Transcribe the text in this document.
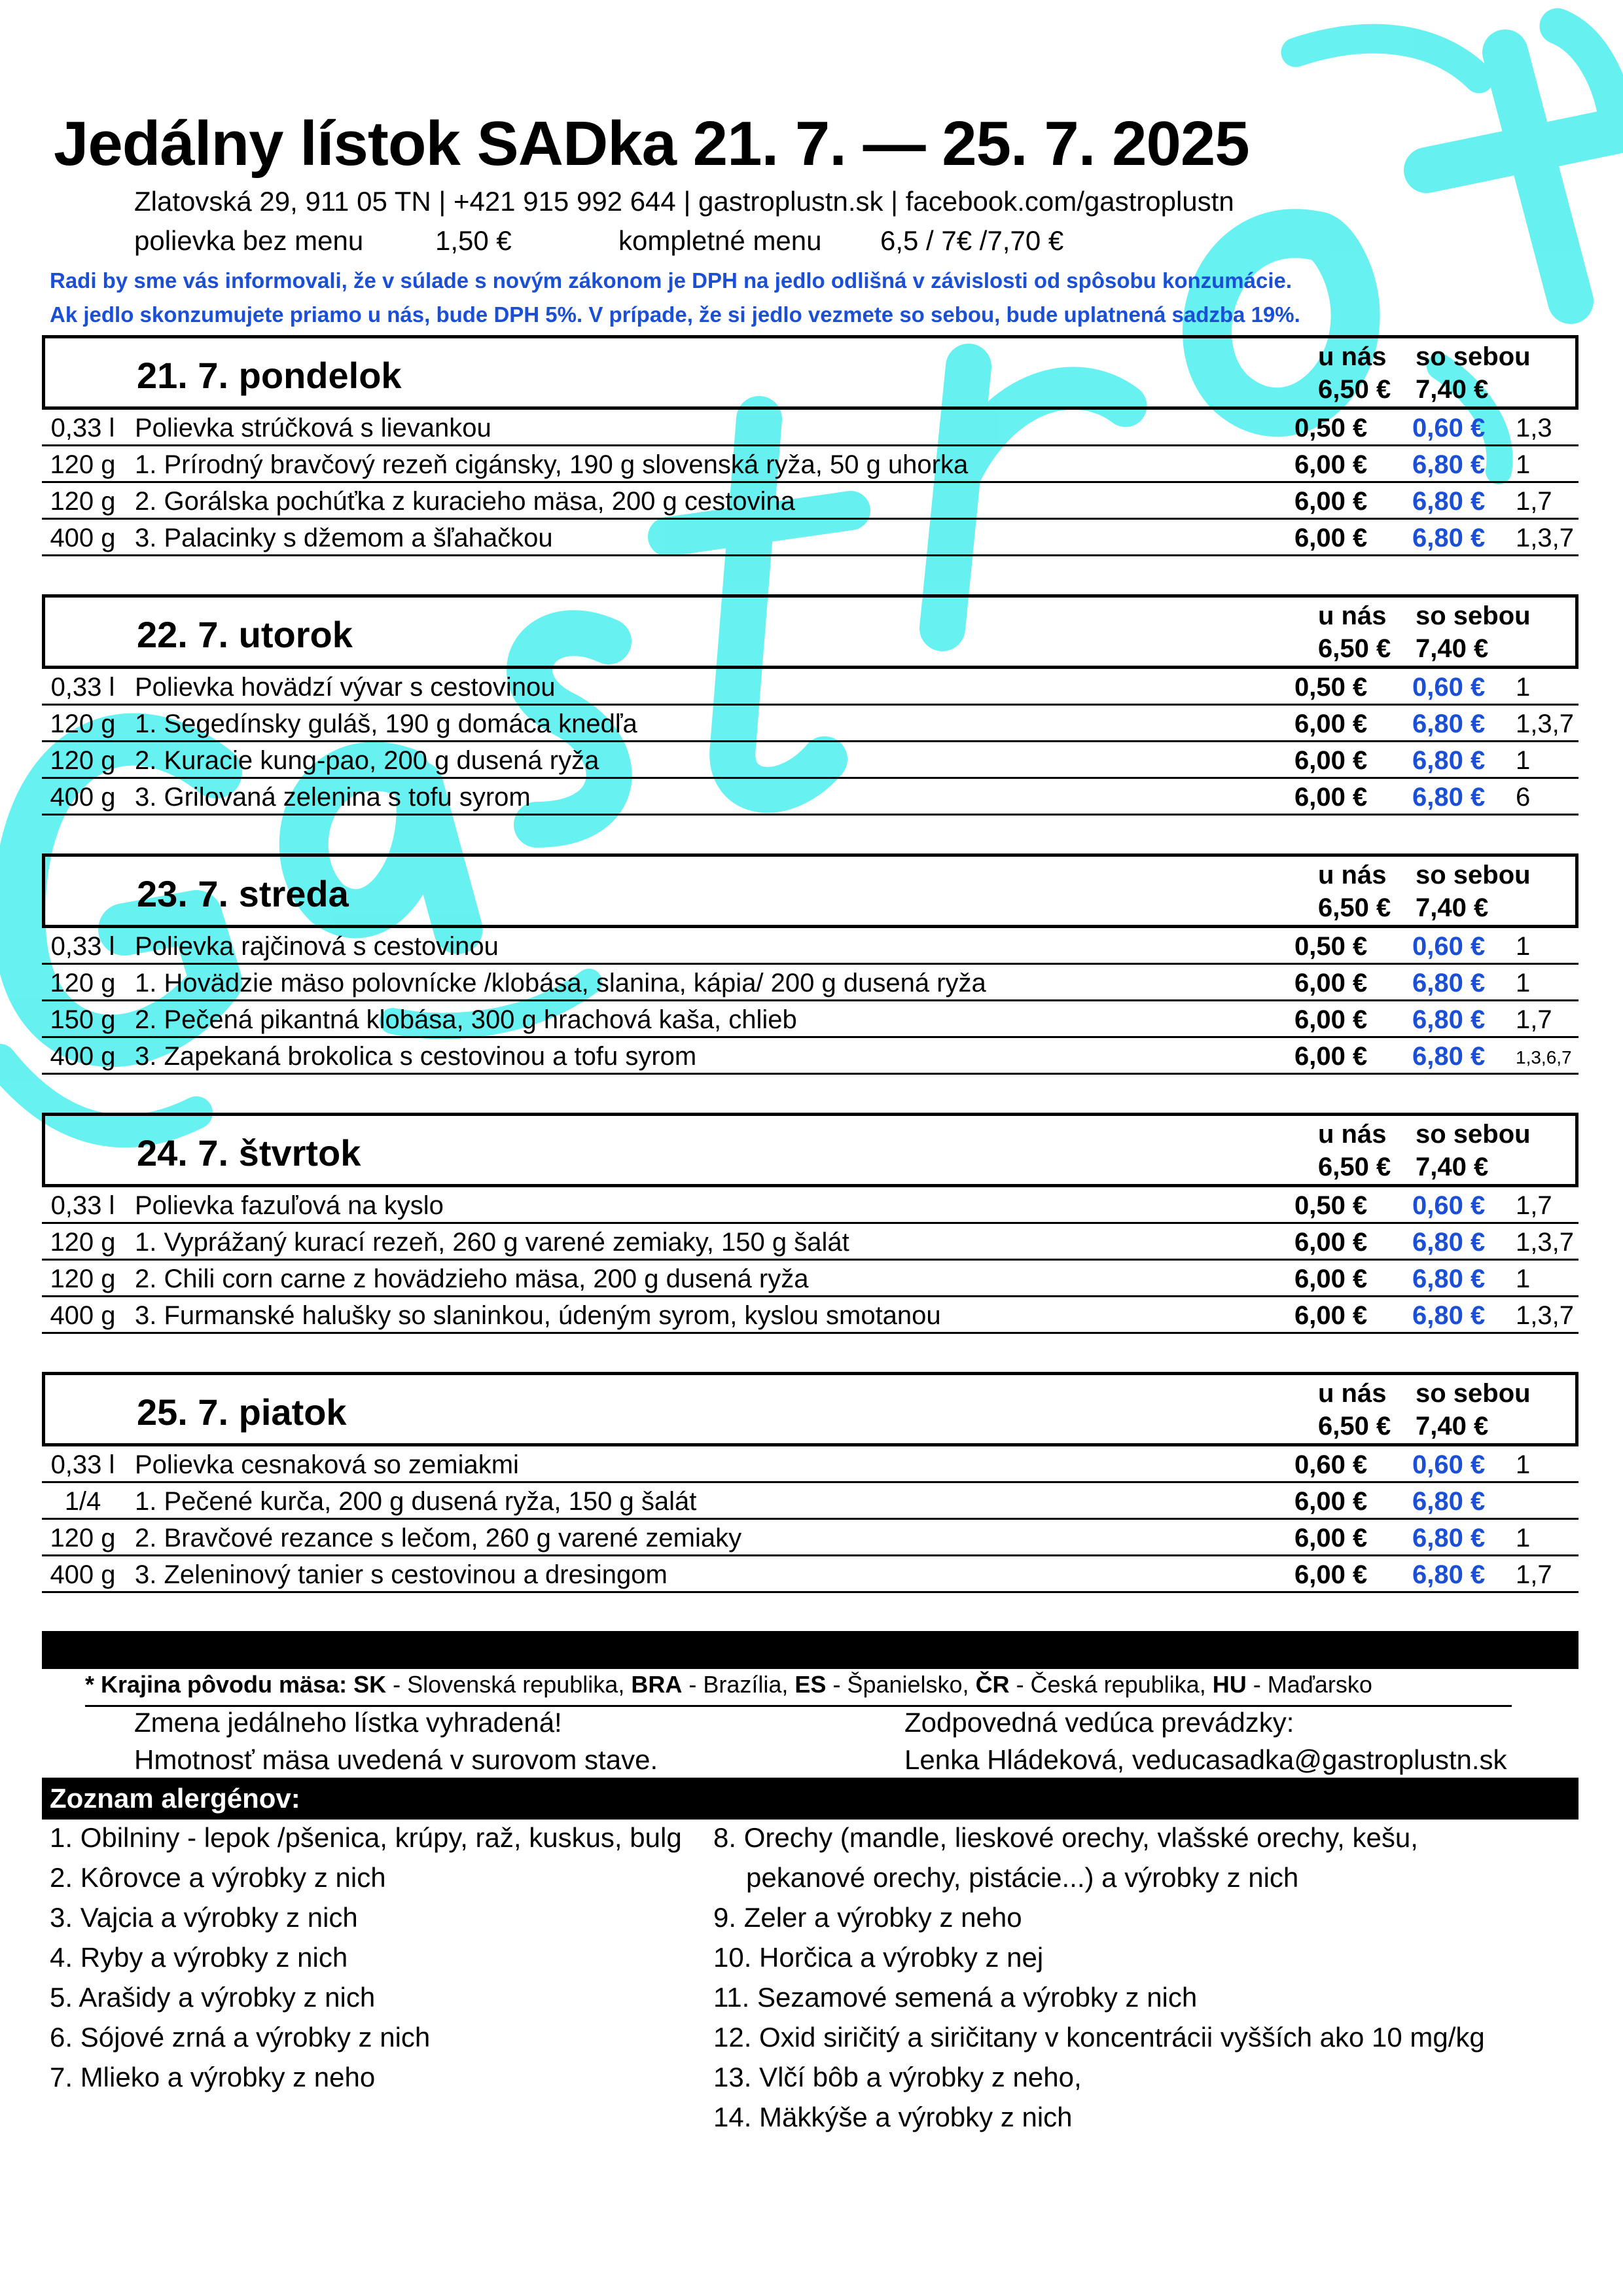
Jedálny lístok SADka 21. 7. — 25. 7. 2025
Zlatovská 29, 911 05 TN | +421 915 992 644 | gastroplustn.sk | facebook.com/gastroplustn
polievka bez menu	1,50 €	kompletné menu 6,5 / 7€ /7,70 €
Radi by sme vás informovali, že v súlade s novým zákonom je DPH na jedlo odlišná v závislosti od spôsobu konzumácie.
Ak jedlo skonzumujete priamo u nás, bude DPH 5%. V prípade, že si jedlo vezmete so sebou, bude uplatnená sadzba 19%.
21. 7. pondelok	u nás so sebou
6,50 € 7,40 €
0,33 l Polievka strúčková s lievankou	0,50 € 0,60 € 1,3
120 g 1. Prírodný bravčový rezeň cigánsky, 190 g slovenská ryža, 50 g uhorka	6,00 € 6,80 € 1
120 g 2. Gorálska pochúťka z kuracieho mäsa, 200 g cestovina	6,00 € 6,80 € 1,7
400 g 3. Palacinky s džemom a šľahačkou	6,00 € 6,80 € 1,3,7
22. 7. utorok	u nás so sebou
6,50 € 7,40 €
0,33 l Polievka hovädzí vývar s cestovinou	0,50 € 0,60 € 1
120 g 1. Segedínsky guláš, 190 g domáca knedľa	6,00 € 6,80 € 1,3,7
120 g 2. Kuracie kung-pao, 200 g dusená ryža	6,00 € 6,80 € 1
400 g 3. Grilovaná zelenina s tofu syrom	6,00 € 6,80 € 6
23. 7. streda	u nás so sebou
6,50 € 7,40 €
0,33 l Polievka rajčinová s cestovinou	0,50 € 0,60 € 1
120 g 1. Hovädzie mäso polovnícke /klobása, slanina, kápia/ 200 g dusená ryža	6,00 € 6,80 € 1
150 g 2. Pečená pikantná klobása, 300 g hrachová kaša, chlieb	6,00 € 6,80 € 1,7
400 g 3. Zapekaná brokolica s cestovinou a tofu syrom	6,00 € 6,80 € 1,3,6,7
24. 7. štvrtok	u nás so sebou
6,50 € 7,40 €
0,33 l Polievka fazuľová na kyslo	0,50 € 0,60 € 1,7
120 g 1. Vyprážaný kurací rezeň, 260 g varené zemiaky, 150 g šalát	6,00 € 6,80 € 1,3,7
120 g 2. Chili corn carne z hovädzieho mäsa, 200 g dusená ryža	6,00 € 6,80 € 1
400 g 3. Furmanské halušky so slaninkou, údeným syrom, kyslou smotanou	6,00 € 6,80 € 1,3,7
25. 7. piatok	u nás so sebou
6,50 € 7,40 €
0,33 l Polievka cesnaková so zemiakmi	0,60 € 0,60 € 1
1/4	1. Pečené kurča, 200 g dusená ryža, 150 g šalát	6,00 € 6,80 €
120 g 2. Bravčové rezance s lečom, 260 g varené zemiaky	6,00 € 6,80 € 1
400 g 3. Zeleninový tanier s cestovinou a dresingom	6,00 € 6,80 € 1,7
* Krajina pôvodu mäsa: SK - Slovenská republika, BRA - Brazília, ES - Španielsko, ČR - Česká republika, HU - Maďarsko
Zmena jedálneho lístka vyhradená!
Hmotnosť mäsa uvedená v surovom stave.
Zodpovedná vedúca prevádzky:
Lenka Hládeková, veducasadka@gastroplustn.sk
Zoznam alergénov:
1. Obilniny - lepok /pšenica, krúpy, raž, kuskus, bulg
2. Kôrovce a výrobky z nich
3. Vajcia a výrobky z nich
4. Ryby a výrobky z nich
5. Arašidy a výrobky z nich
6. Sójové zrná a výrobky z nich
7. Mlieko a výrobky z neho
8. Orechy (mandle, lieskové orechy, vlašské orechy, kešu,
pekanové orechy, pistácie...) a výrobky z nich
9. Zeler a výrobky z neho
10. Horčica a výrobky z nej
11. Sezamové semená a výrobky z nich
12. Oxid siričitý a siričitany v koncentrácii vyšších ako 10 mg/kg
13. Vlčí bôb a výrobky z neho,
14. Mäkkýše a výrobky z nich
